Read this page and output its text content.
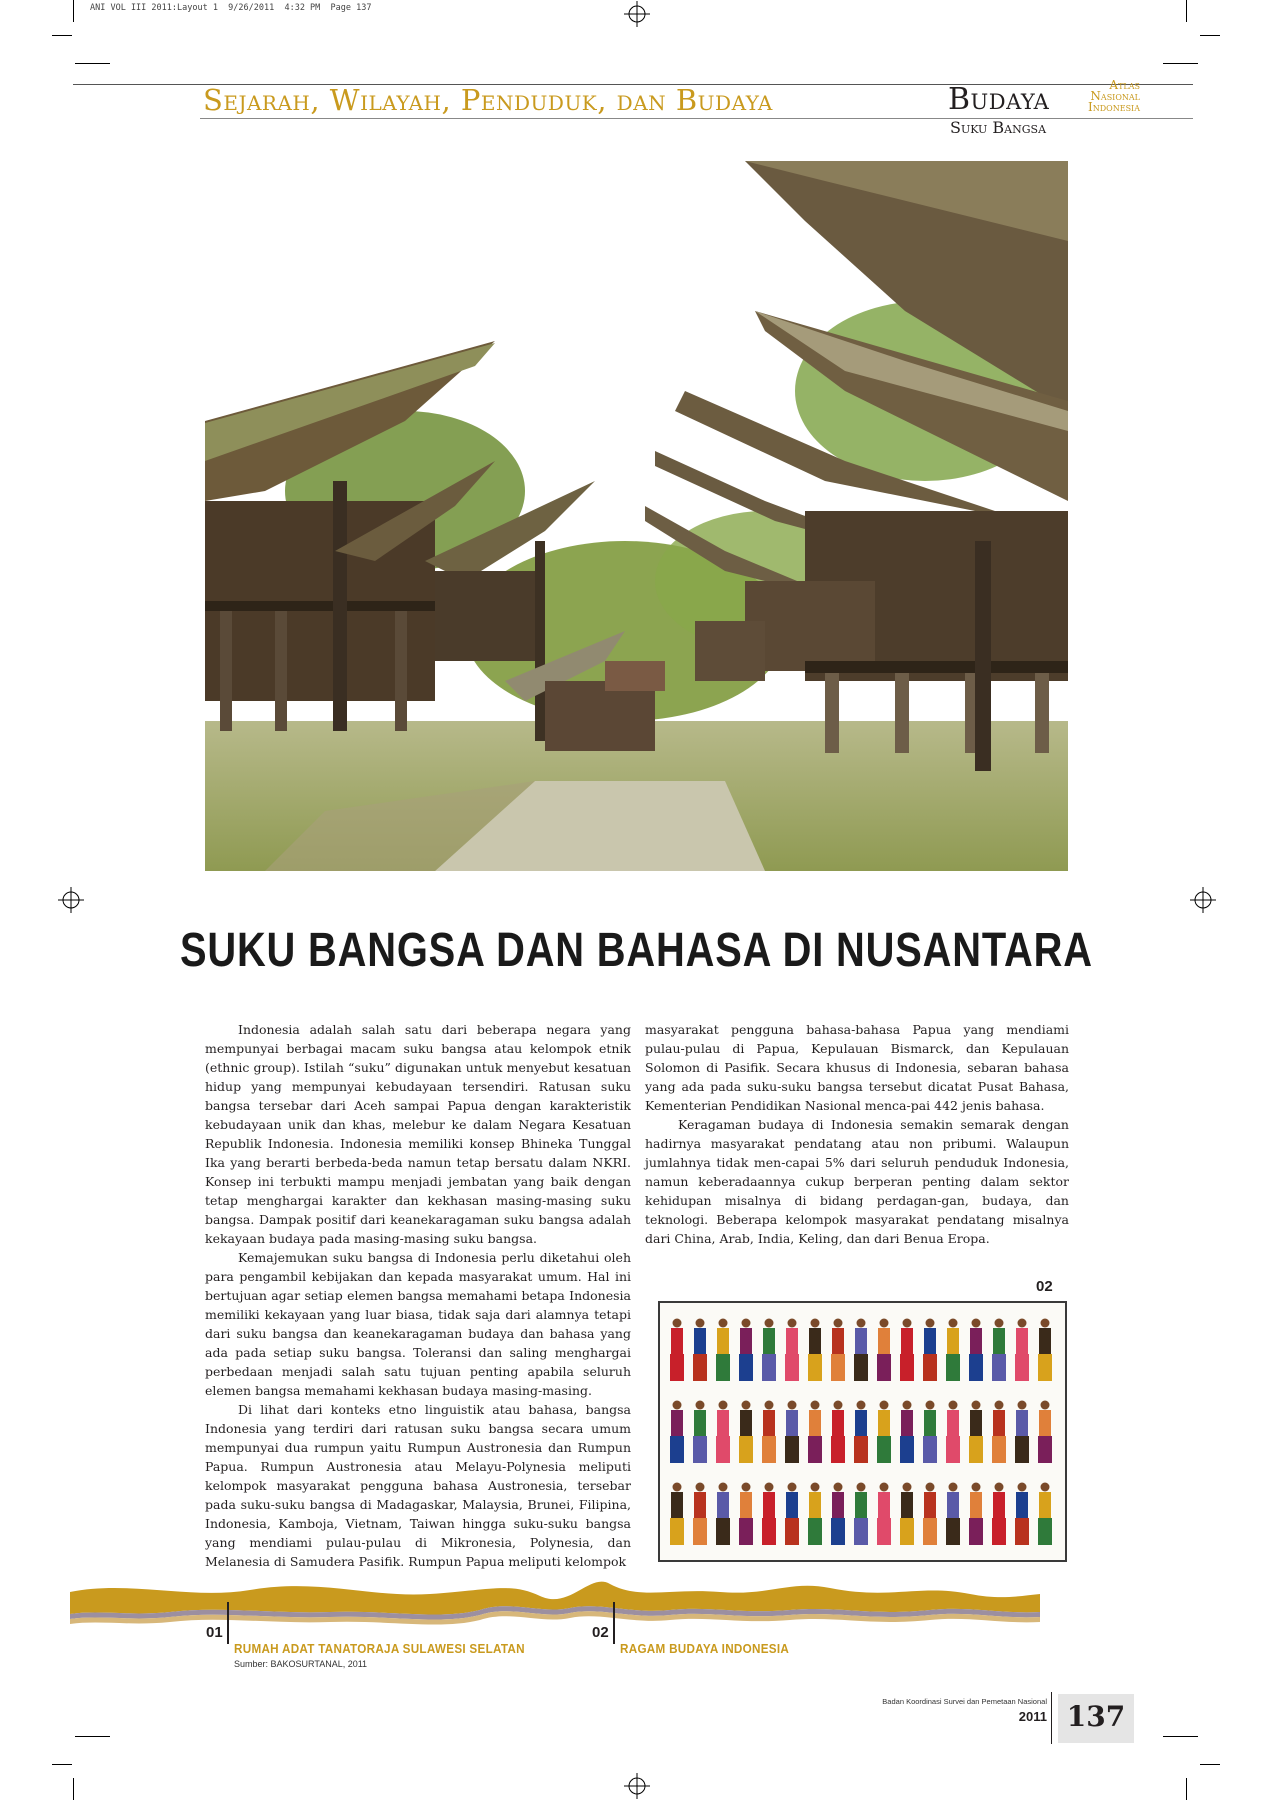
ANI VOL III 2011:Layout 1  9/26/2011  4:32 PM  Page 137
Sejarah, Wilayah, Penduduk, dan Budaya	Budaya
Suku Bangsa
Atlas
Nasional
Indonesia
SUKU BANGSA DAN BAHASA DI NUSANTARA

Indonesia adalah salah satu dari beberapa negara yang mempunyai berbagai macam suku bangsa atau kelompok etnik (ethnic group). Istilah “suku” digunakan untuk menyebut kesatuan hidup yang mempunyai kebudayaan tersendiri. Ratusan suku bangsa tersebar dari Aceh sampai Papua dengan karakteristik kebudayaan unik dan khas, melebur ke dalam Negara Kesatuan Republik Indonesia. Indonesia memiliki konsep Bhineka Tunggal Ika yang berarti berbeda-beda namun tetap bersatu dalam NKRI. Konsep ini terbukti mampu menjadi jembatan yang baik dengan tetap menghargai karakter dan kekhasan masing-masing suku bangsa. Dampak positif dari keanekaragaman suku bangsa adalah kekayaan budaya pada masing-masing suku bangsa.

Kemajemukan suku bangsa di Indonesia perlu diketahui oleh para pengambil kebijakan dan kepada masyarakat umum. Hal ini bertujuan agar setiap elemen bangsa memahami betapa Indonesia memiliki kekayaan yang luar biasa, tidak saja dari alamnya tetapi dari suku bangsa dan keanekaragaman budaya dan bahasa yang ada pada setiap suku bangsa. Toleransi dan saling menghargai perbedaan menjadi salah satu tujuan penting apabila seluruh elemen bangsa memahami kekhasan budaya masing-masing.

Di lihat dari konteks etno linguistik atau bahasa, bangsa Indonesia yang terdiri dari ratusan suku bangsa secara umum mempunyai dua rumpun yaitu Rumpun Austronesia dan Rumpun Papua. Rumpun Austronesia atau Melayu-Polynesia meliputi kelompok masyarakat pengguna bahasa Austronesia, tersebar pada suku-suku bangsa di Madagaskar, Malaysia, Brunei, Filipina, Indonesia, Kamboja, Vietnam, Taiwan hingga suku-suku bangsa yang mendiami pulau-pulau di Mikronesia, Polynesia, dan Melanesia di Samudera Pasifik. Rumpun Papua meliputi kelompok

masyarakat pengguna bahasa-bahasa Papua yang mendiami pulau-pulau di Papua, Kepulauan Bismarck, dan Kepulauan Solomon di Pasifik. Secara khusus di Indonesia, sebaran bahasa yang ada pada suku-suku bangsa tersebut dicatat Pusat Bahasa, Kementerian Pendidikan Nasional menca-pai 442 jenis bahasa.

Keragaman budaya di Indonesia semakin semarak dengan hadirnya masyarakat pendatang atau non pribumi. Walaupun jumlahnya tidak men-capai 5% dari seluruh penduduk Indonesia, namun keberadaannya cukup berperan penting dalam sektor kehidupan misalnya di bidang perdagan-gan, budaya, dan teknologi. Beberapa kelompok masyarakat pendatang misalnya dari China, Arab, India, Keling, dan dari Benua Eropa.

02
01
RUMAH ADAT TANATORAJA SULAWESI SELATAN
Sumber: BAKOSURTANAL, 2011
02
RAGAM BUDAYA INDONESIA
Badan Koordinasi Survei dan Pemetaan Nasional
2011 137
